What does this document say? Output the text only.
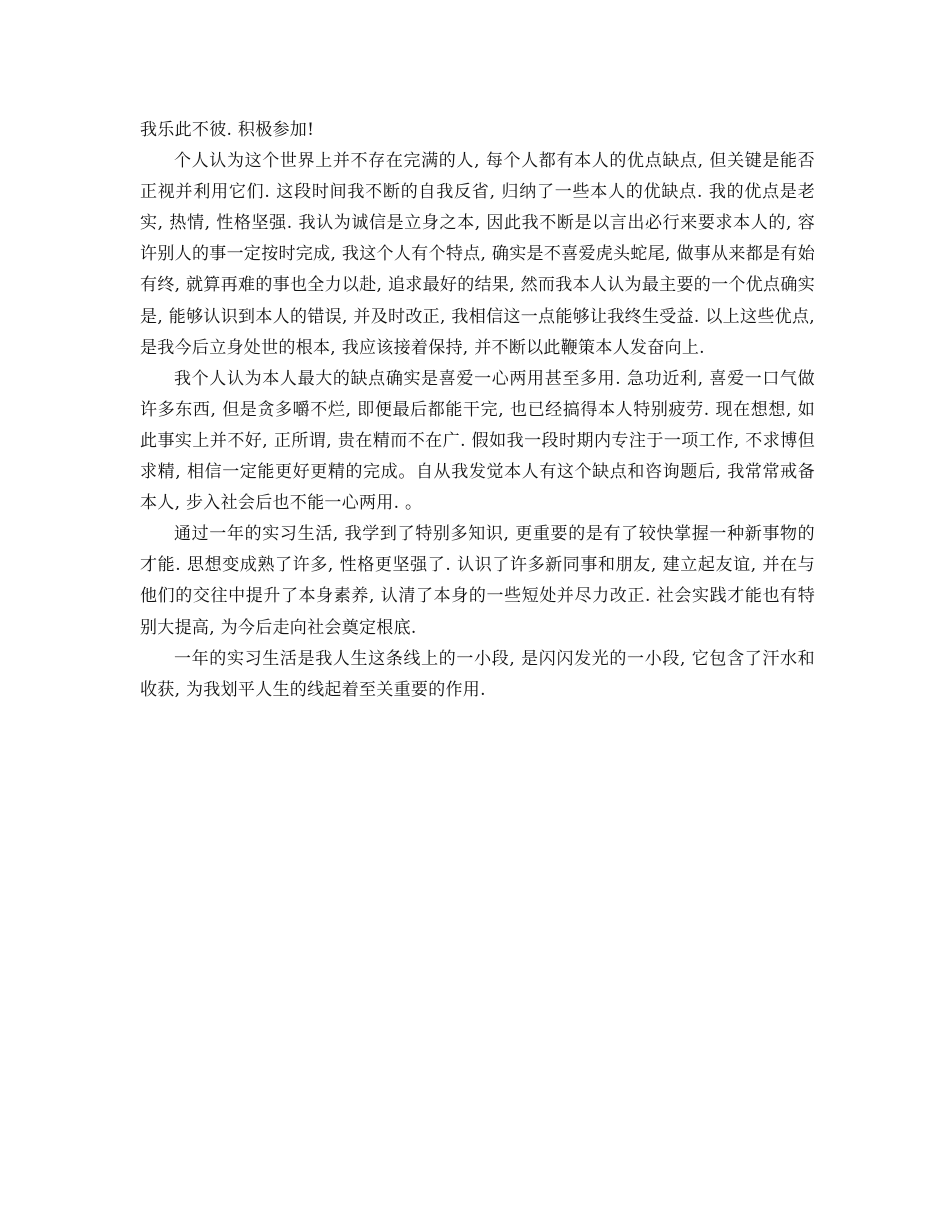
我乐此不彼. 积极参加!

个人认为这个世界上并不存在完满的人, 每个人都有本人的优点缺点, 但关键是能否正视并利用它们. 这段时间我不断的自我反省, 归纳了一些本人的优缺点. 我的优点是老实, 热情, 性格坚强. 我认为诚信是立身之本, 因此我不断是以言出必行来要求本人的, 容许别人的事一定按时完成, 我这个人有个特点, 确实是不喜爱虎头蛇尾, 做事从来都是有始有终, 就算再难的事也全力以赴, 追求最好的结果, 然而我本人认为最主要的一个优点确实是, 能够认识到本人的错误, 并及时改正, 我相信这一点能够让我终生受益. 以上这些优点, 是我今后立身处世的根本, 我应该接着保持, 并不断以此鞭策本人发奋向上.

我个人认为本人最大的缺点确实是喜爱一心两用甚至多用. 急功近利, 喜爱一口气做许多东西, 但是贪多嚼不烂, 即便最后都能干完, 也已经搞得本人特别疲劳. 现在想想, 如此事实上并不好, 正所谓, 贵在精而不在广. 假如我一段时期内专注于一项工作, 不求博但求精, 相信一定能更好更精的完成。自从我发觉本人有这个缺点和咨询题后, 我常常戒备本人, 步入社会后也不能一心两用. 。

通过一年的实习生活, 我学到了特别多知识, 更重要的是有了较快掌握一种新事物的才能. 思想变成熟了许多, 性格更坚强了. 认识了许多新同事和朋友, 建立起友谊, 并在与他们的交往中提升了本身素养, 认清了本身的一些短处并尽力改正. 社会实践才能也有特别大提高, 为今后走向社会奠定根底.

一年的实习生活是我人生这条线上的一小段, 是闪闪发光的一小段, 它包含了汗水和收获, 为我划平人生的线起着至关重要的作用.
